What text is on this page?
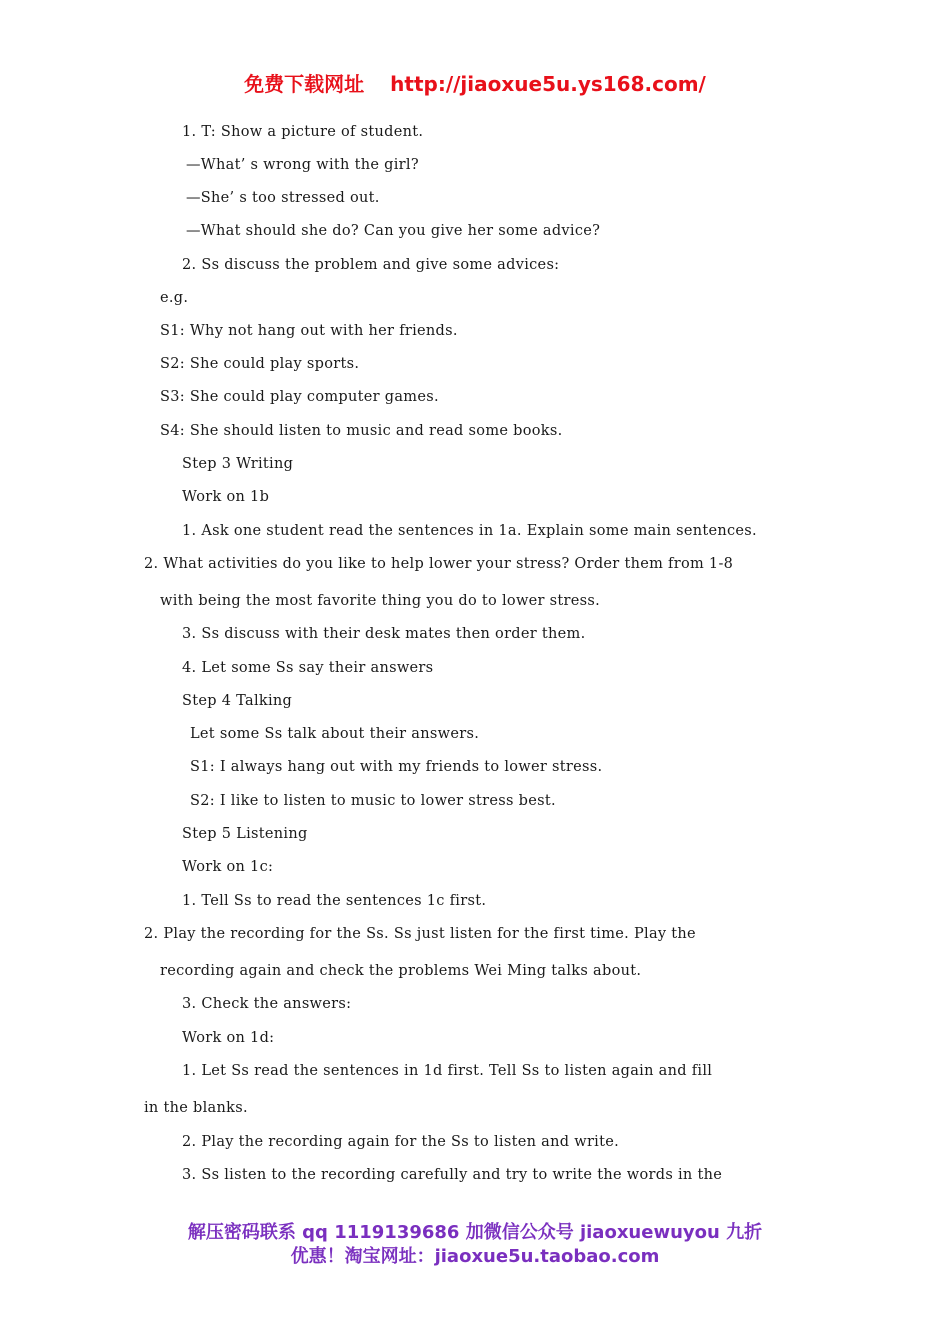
免费下载网址 http://jiaoxue5u.ys168.com/
1. T: Show a picture of student.
—What’ s wrong with the girl?
—She’ s too stressed out.
—What should she do? Can you give her some advice?
2. Ss discuss the problem and give some advices:
e.g.
S1: Why not hang out with her friends.
S2: She could play sports.
S3: She could play computer games.
S4: She should listen to music and read some books.
Step 3 Writing
Work on 1b
1. Ask one student read the sentences in 1a. Explain some main sentences.
2. What activities do you like to help lower your stress? Order them from 1-8
with being the most favorite thing you do to lower stress.
3. Ss discuss with their desk mates then order them.
4. Let some Ss say their answers
Step 4 Talking
Let some Ss talk about their answers.
S1: I always hang out with my friends to lower stress.
S2: I like to listen to music to lower stress best.
Step 5 Listening
Work on 1c:
1. Tell Ss to read the sentences 1c first.
2. Play the recording for the Ss. Ss just listen for the first time. Play the
recording again and check the problems Wei Ming talks about.
3. Check the answers:
Work on 1d:
1. Let Ss read the sentences in 1d first. Tell Ss to listen again and fill
in the blanks.
2. Play the recording again for the Ss to listen and write.
3. Ss listen to the recording carefully and try to write the words in the
解压密码联系 qq 1119139686 加微信公众号 jiaoxuewuyou 九折
优惠！淘宝网址：jiaoxue5u.taobao.com
